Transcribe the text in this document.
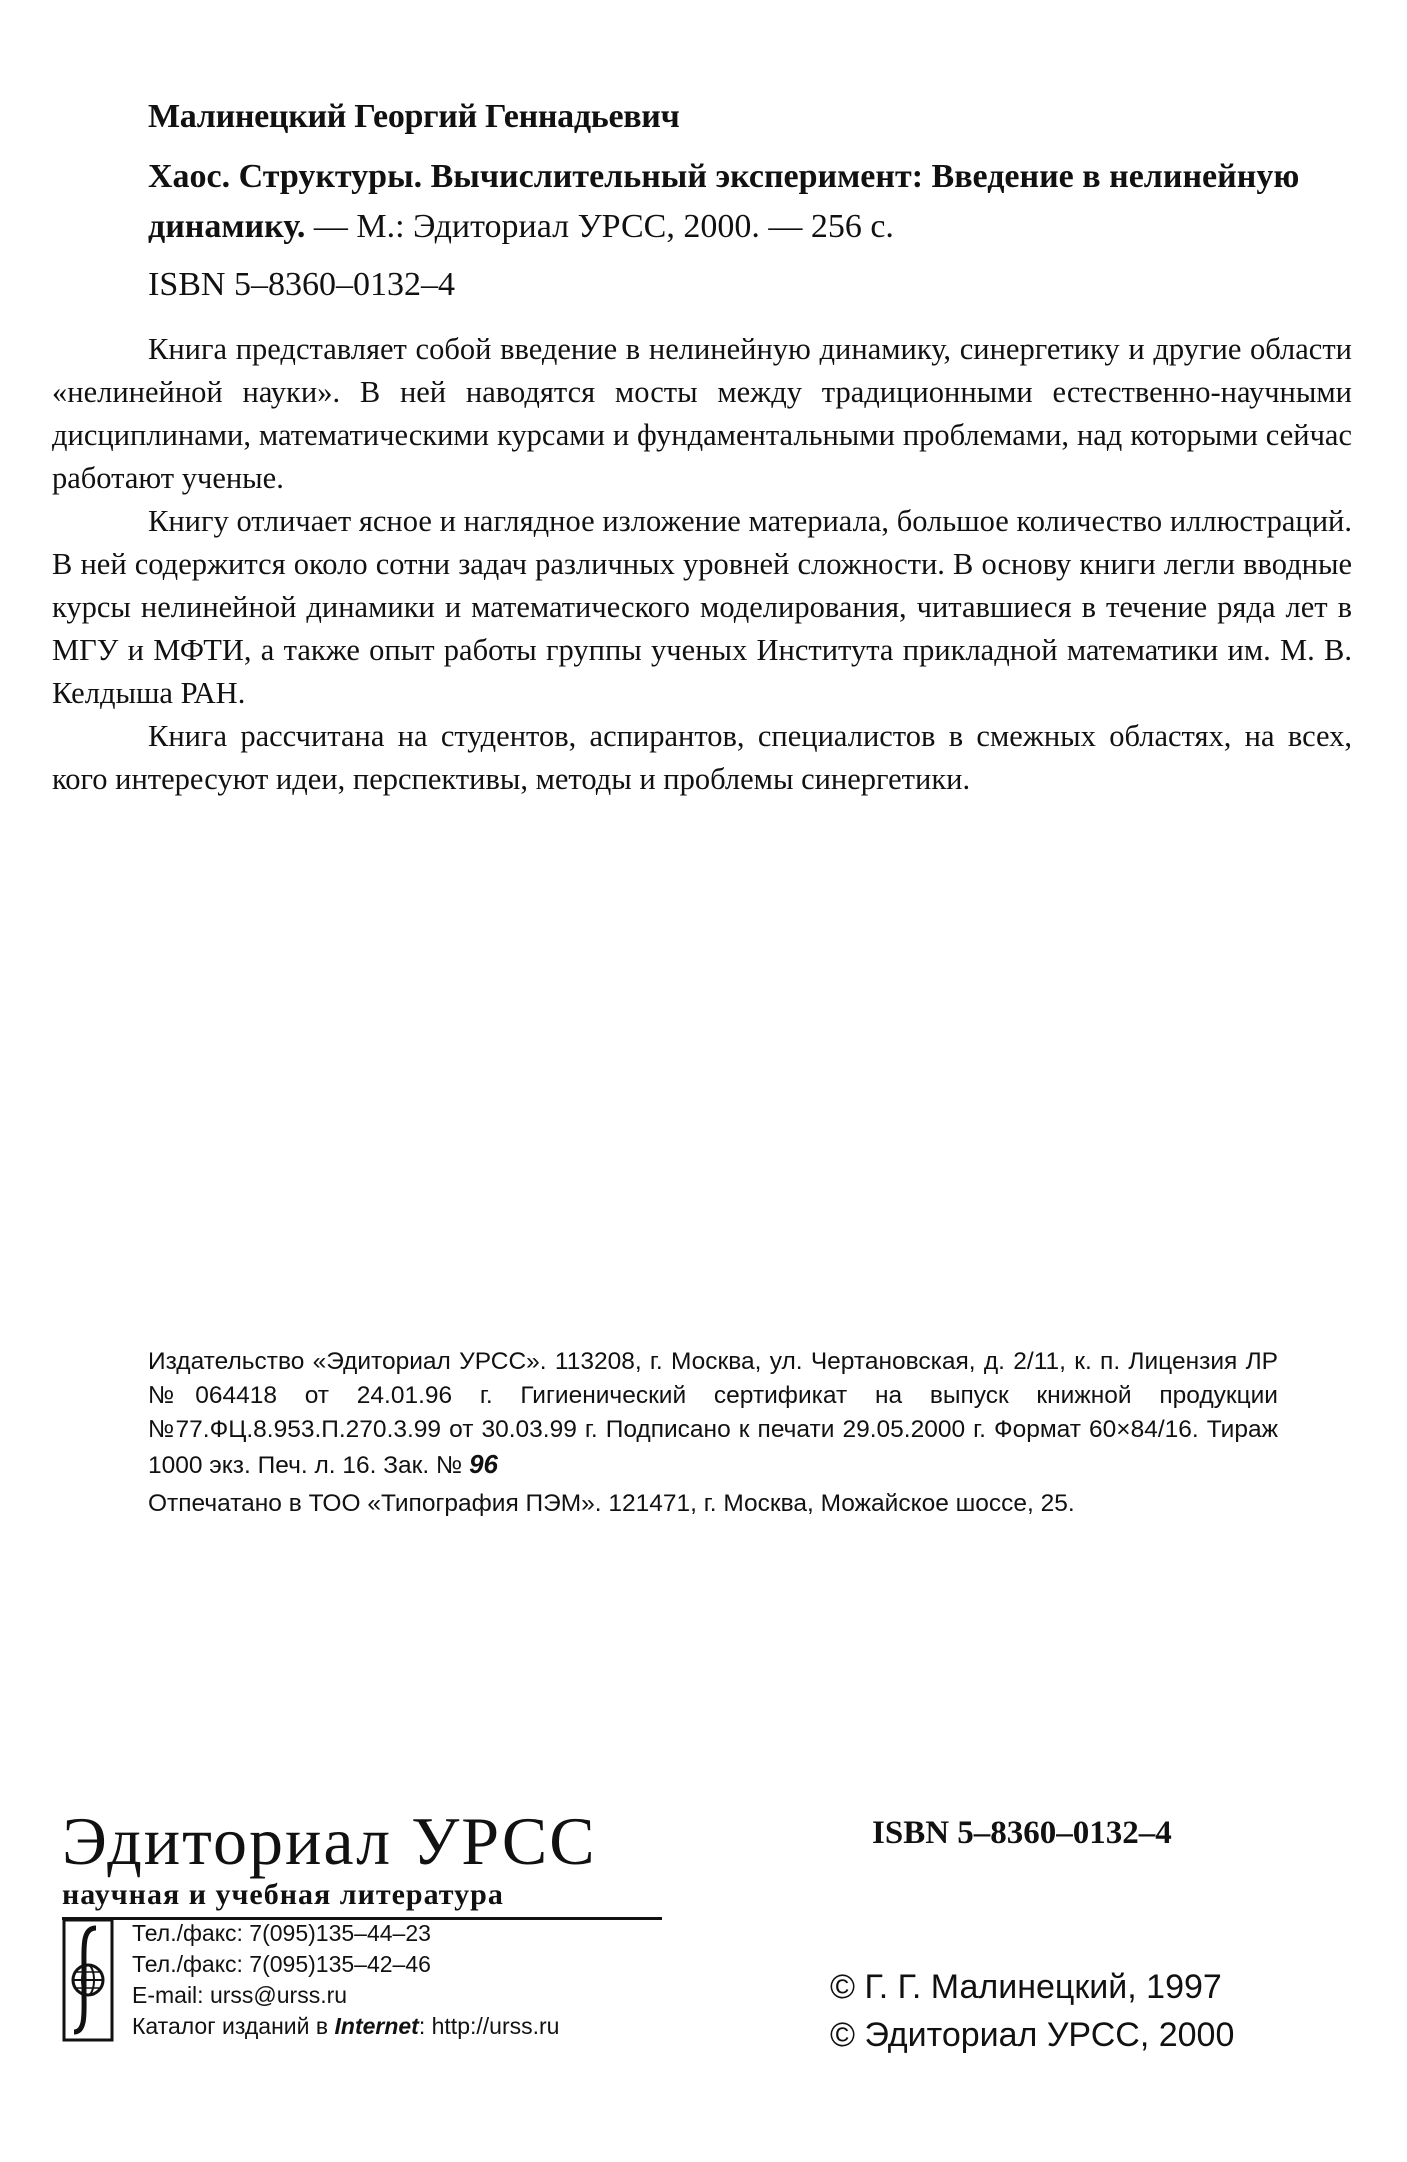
Малинецкий Георгий Геннадьевич

Хаос. Структуры. Вычислительный эксперимент: Введение в нелинейную динамику. — М.: Эдиториал УРСС, 2000. — 256 с.

ISBN 5–8360–0132–4

Книга представляет собой введение в нелинейную динамику, синергетику и другие области «нелинейной науки». В ней наводятся мосты между традиционными естественно-научными дисциплинами, математическими курсами и фундаментальными проблемами, над которыми сейчас работают ученые.

Книгу отличает ясное и наглядное изложение материала, большое количество иллюстраций. В ней содержится около сотни задач различных уровней сложности. В основу книги легли вводные курсы нелинейной динамики и математического моделирования, читавшиеся в течение ряда лет в МГУ и МФТИ, а также опыт работы группы ученых Института прикладной математики им. М. В. Келдыша РАН.

Книга рассчитана на студентов, аспирантов, специалистов в смежных областях, на всех, кого интересуют идеи, перспективы, методы и проблемы синергетики.

Издательство «Эдиториал УРСС». 113208, г. Москва, ул. Чертановская, д. 2/11, к. п. Лицензия ЛР №064418 от 24.01.96 г. Гигиенический сертификат на выпуск книжной продукции №77.ФЦ.8.953.П.270.3.99 от 30.03.99 г. Подписано к печати 29.05.2000 г. Формат 60×84/16. Тираж 1000 экз. Печ. л. 16. Зак. № 96

Отпечатано в ТОО «Типография ПЭМ». 121471, г. Москва, Можайское шоссе, 25.
Эдиториал УРСС
научная и учебная литература
Тел./факс: 7(095)135–44–23
Тел./факс: 7(095)135–42–46
E-mail: urss@urss.ru
Каталог изданий в Internet: http://urss.ru
ISBN 5–8360–0132–4
© Г. Г. Малинецкий, 1997
© Эдиториал УРСС, 2000
